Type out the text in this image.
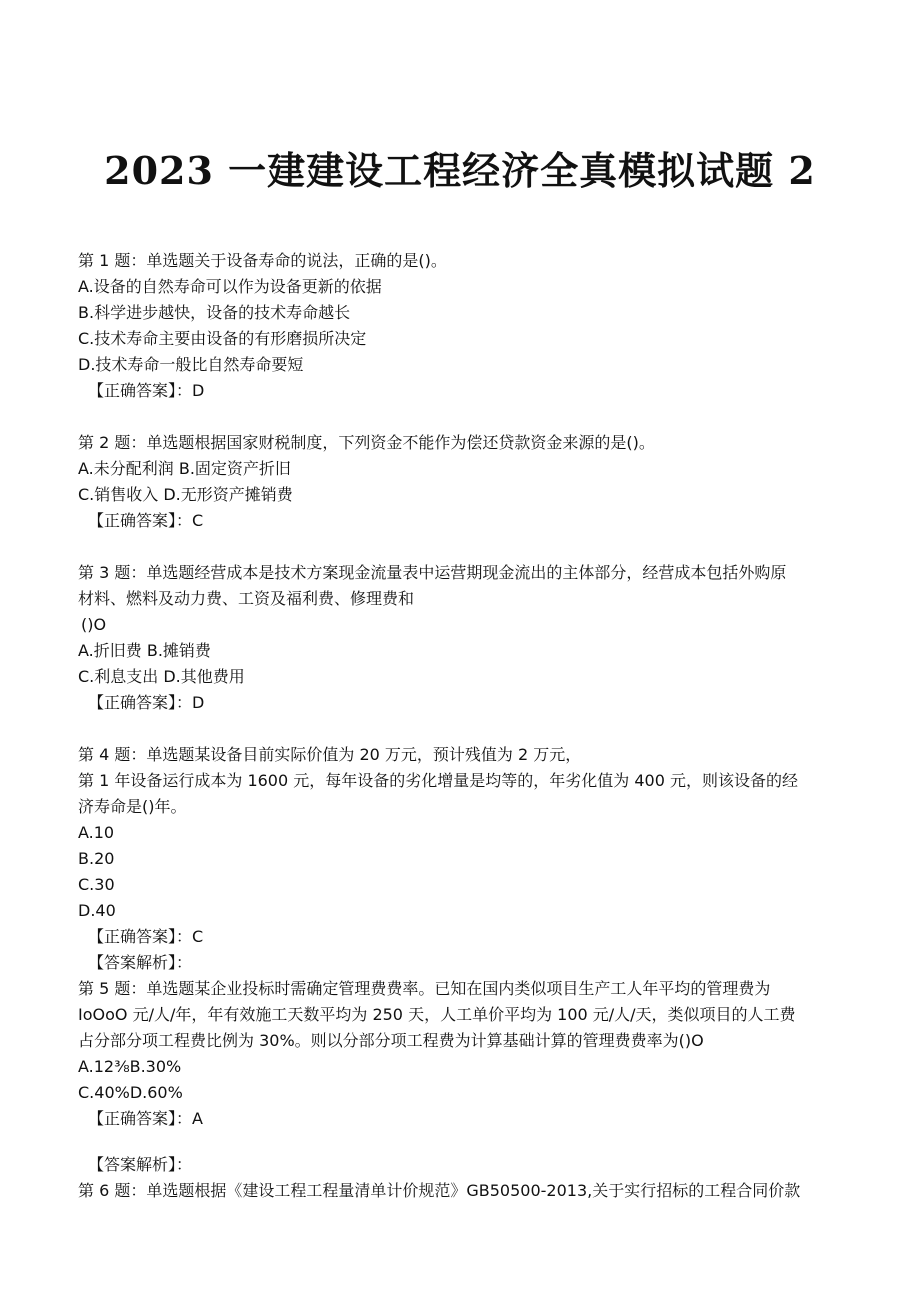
2023 一建建设工程经济全真模拟试题 2
第 1 题：单选题关于设备寿命的说法，正确的是()。
A.设备的自然寿命可以作为设备更新的依据
B.科学进步越快，设备的技术寿命越长
C.技术寿命主要由设备的有形磨损所决定
D.技术寿命一般比自然寿命要短
【正确答案】：D
第 2 题：单选题根据国家财税制度，下列资金不能作为偿还贷款资金来源的是()。
A.未分配利润 B.固定资产折旧
C.销售收入 D.无形资产摊销费
【正确答案】：C
第 3 题：单选题经营成本是技术方案现金流量表中运营期现金流出的主体部分，经营成本包括外购原
材料、燃料及动力费、工资及福利费、修理费和
()O
A.折旧费 B.摊销费
C.利息支出 D.其他费用
【正确答案】：D
第 4 题：单选题某设备目前实际价值为 20 万元，预计残值为 2 万元，
第 1 年设备运行成本为 1600 元，每年设备的劣化增量是均等的，年劣化值为 400 元，则该设备的经
济寿命是()年。
A.10
B.20
C.30
D.40
【正确答案】：C
【答案解析】：
第 5 题：单选题某企业投标时需确定管理费费率。已知在国内类似项目生产工人年平均的管理费为
IoOoO 元/人/年，年有效施工天数平均为 250 天，人工单价平均为 100 元/人/天，类似项目的人工费
占分部分项工程费比例为 30%。则以分部分项工程费为计算基础计算的管理费费率为()O
A.12⅜B.30%
C.40%D.60%
【正确答案】：A
【答案解析】：
第 6 题：单选题根据《建设工程工程量清单计价规范》GB50500-2013,关于实行招标的工程合同价款
